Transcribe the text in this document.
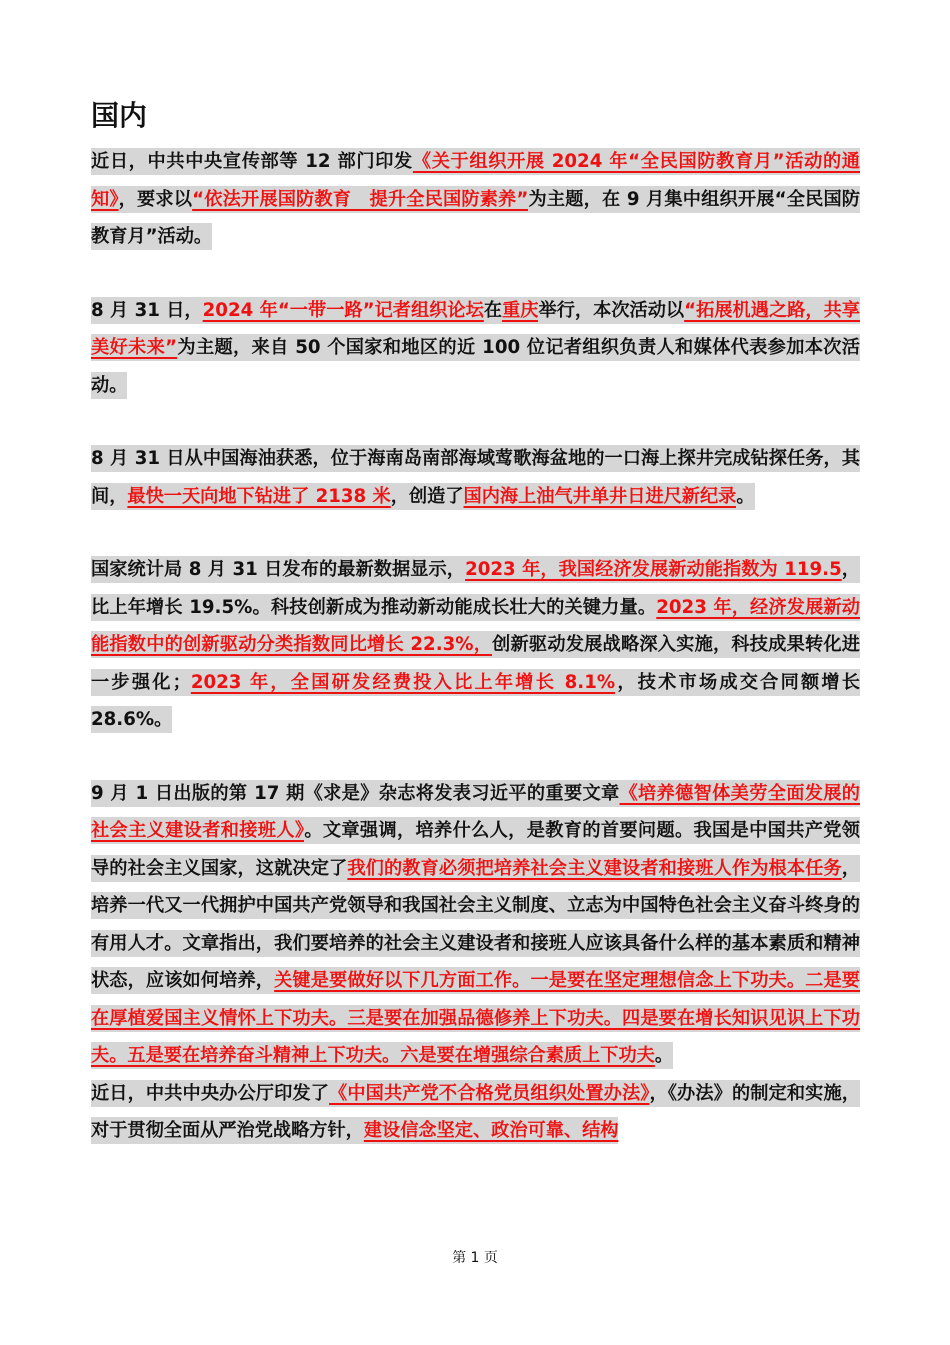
国内

近日，中共中央宣传部等 12 部门印发《关于组织开展 2024 年“全民国防教育月”活动的通知》，要求以“依法开展国防教育　提升全民国防素养”为主题，在 9 月集中组织开展“全民国防教育月”活动。

8 月 31 日，2024 年“一带一路”记者组织论坛在重庆举行，本次活动以“拓展机遇之路，共享美好未来”为主题，来自 50 个国家和地区的近 100 位记者组织负责人和媒体代表参加本次活动。

8 月 31 日从中国海油获悉，位于海南岛南部海域莺歌海盆地的一口海上探井完成钻探任务，其间，最快一天向地下钻进了 2138 米，创造了国内海上油气井单井日进尺新纪录。

国家统计局 8 月 31 日发布的最新数据显示，2023 年，我国经济发展新动能指数为 119.5，比上年增长 19.5%。科技创新成为推动新动能成长壮大的关键力量。2023 年，经济发展新动能指数中的创新驱动分类指数同比增长 22.3%，创新驱动发展战略深入实施，科技成果转化进一步强化；2023 年，全国研发经费投入比上年增长 8.1%，技术市场成交合同额增长 28.6%。

9 月 1 日出版的第 17 期《求是》杂志将发表习近平的重要文章《培养德智体美劳全面发展的社会主义建设者和接班人》。文章强调，培养什么人，是教育的首要问题。我国是中国共产党领导的社会主义国家，这就决定了我们的教育必须把培养社会主义建设者和接班人作为根本任务，培养一代又一代拥护中国共产党领导和我国社会主义制度、立志为中国特色社会主义奋斗终身的有用人才。文章指出，我们要培养的社会主义建设者和接班人应该具备什么样的基本素质和精神状态，应该如何培养，关键是要做好以下几方面工作。一是要在坚定理想信念上下功夫。二是要在厚植爱国主义情怀上下功夫。三是要在加强品德修养上下功夫。四是要在增长知识见识上下功夫。五是要在培养奋斗精神上下功夫。六是要在增强综合素质上下功夫。

近日，中共中央办公厅印发了《中国共产党不合格党员组织处置办法》，《办法》的制定和实施，对于贯彻全面从严治党战略方针，建设信念坚定、政治可靠、结构

第 1 页
